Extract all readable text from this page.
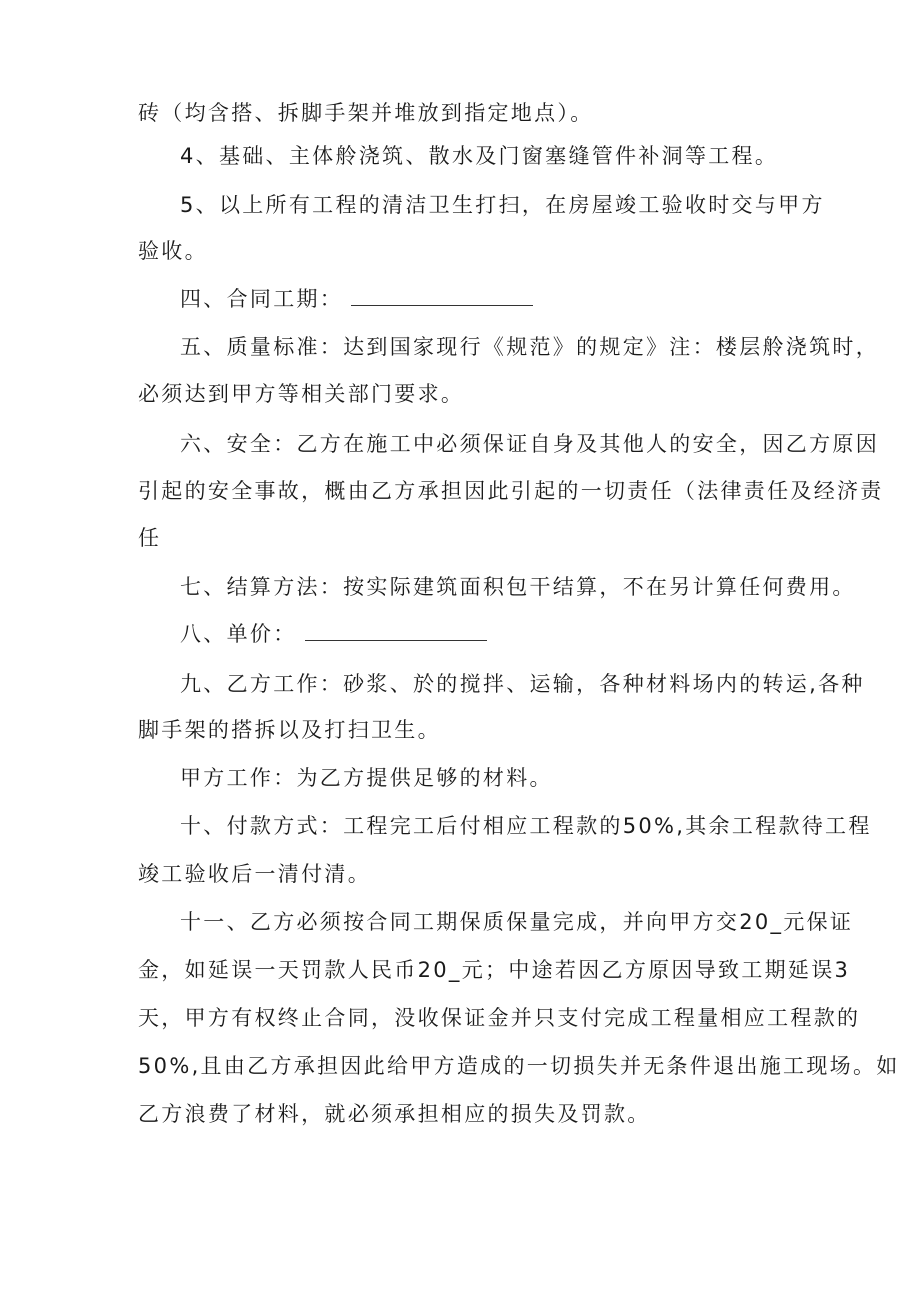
砖（均含搭、拆脚手架并堆放到指定地点）。
4、基础、主体舲浇筑、散水及门窗塞缝管件补洞等工程。
5、以上所有工程的清洁卫生打扫，在房屋竣工验收时交与甲方
验收。
四、合同工期：
五、质量标准：达到国家现行《规范》的规定》注：楼层舲浇筑时，
必须达到甲方等相关部门要求。
六、安全：乙方在施工中必须保证自身及其他人的安全，因乙方原因
引起的安全事故，概由乙方承担因此引起的一切责任（法律责任及经济责
任
七、结算方法：按实际建筑面积包干结算，不在另计算任何费用。
八、单价：
九、乙方工作：砂浆、於的搅拌、运输，各种材料场内的转运,各种
脚手架的搭拆以及打扫卫生。
甲方工作：为乙方提供足够的材料。
十、付款方式：工程完工后付相应工程款的50%,其余工程款待工程
竣工验收后一清付清。
十一、乙方必须按合同工期保质保量完成，并向甲方交20_元保证
金，如延误一天罚款人民币20_元；中途若因乙方原因导致工期延误3
天，甲方有权终止合同，没收保证金并只支付完成工程量相应工程款的
50%,且由乙方承担因此给甲方造成的一切损失并无条件退出施工现场。如
乙方浪费了材料，就必须承担相应的损失及罚款。
